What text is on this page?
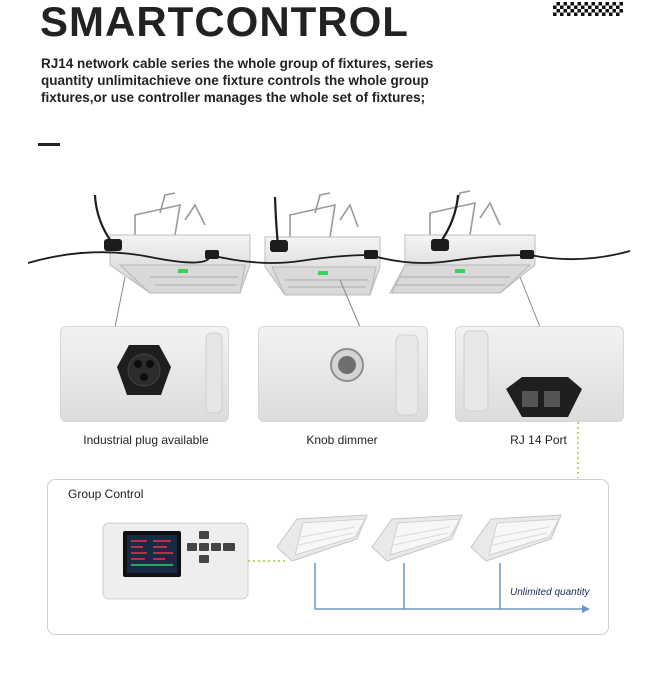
SMARTCONTROL
RJ14 network cable series the whole group of fixtures, series quantity unlimitachieve one fixture controls the whole group fixtures,or use controller manages the whole set of fixtures;
Industrial plug available	Knob dimmer	RJ 14 Port
Group Control
Unlimited quantity
